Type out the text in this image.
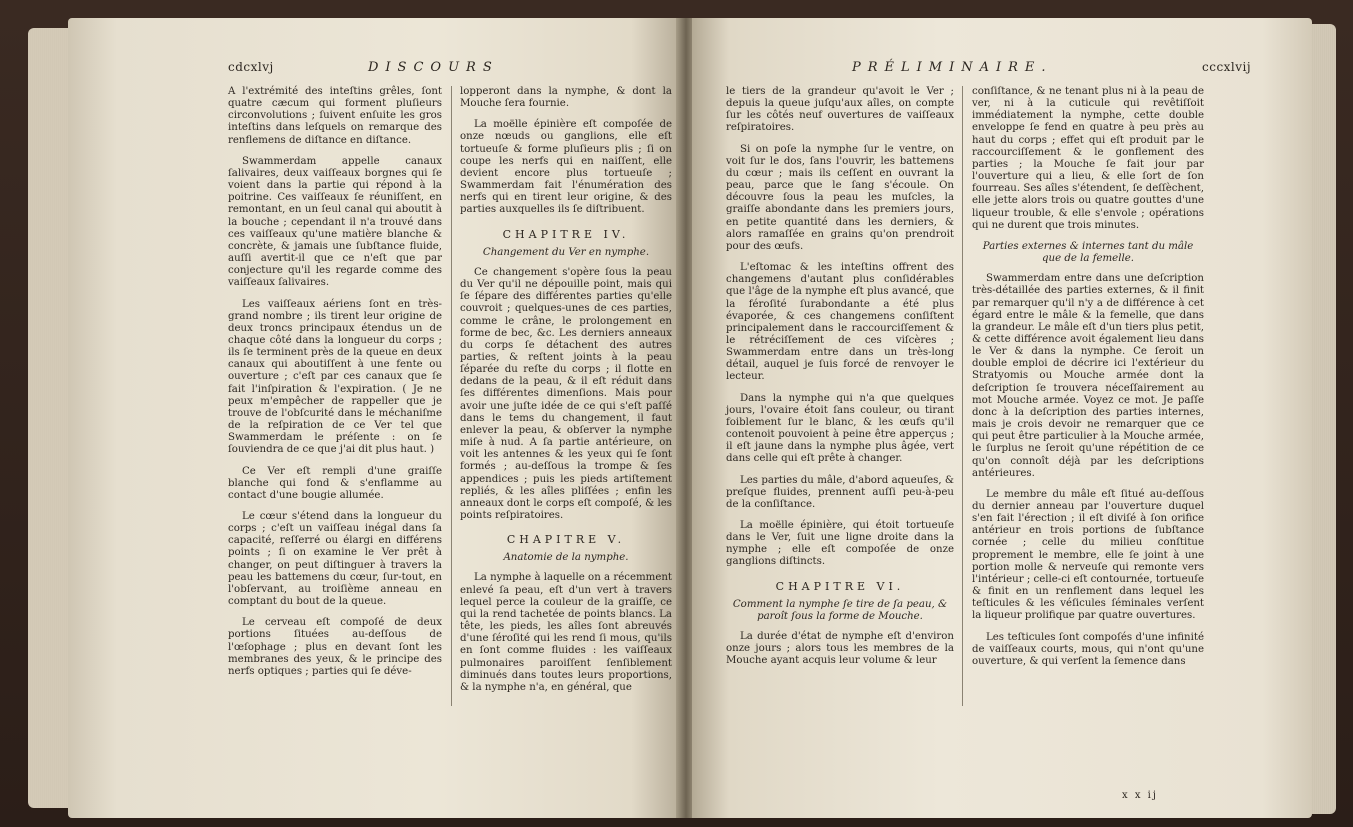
cdcxlvj	DISCOURS

A l'extrémité des inteſtins grêles, ſont quatre cæcum qui forment pluſieurs circonvolutions ; ſuivent enſuite les gros inteſtins dans leſquels on remarque des renflemens de diſtance en diſtance.

Swammerdam appelle canaux ſalivaires, deux vaiſſeaux borgnes qui ſe voient dans la partie qui répond à la poitrine. Ces vaiſſeaux ſe réuniſſent, en remontant, en un ſeul canal qui aboutit à la bouche ; cependant il n'a trouvé dans ces vaiſſeaux qu'une matière blanche & concrète, & jamais une ſubſtance fluide, auſſi avertit-il que ce n'eſt que par conjecture qu'il les regarde comme des vaiſſeaux ſalivaires.

Les vaiſſeaux aériens ſont en très-grand nombre ; ils tirent leur origine de deux troncs principaux étendus un de chaque côté dans la longueur du corps ; ils ſe terminent près de la queue en deux canaux qui aboutiſſent à une fente ou ouverture ; c'eſt par ces canaux que ſe fait l'inſpiration & l'expiration. ( Je ne peux m'empêcher de rappeller que je trouve de l'obſcurité dans le méchaniſme de la reſpiration de ce Ver tel que Swammerdam le préſente : on ſe ſouviendra de ce que j'ai dit plus haut. )

Ce Ver eſt rempli d'une graiſſe blanche qui fond & s'enflamme au contact d'une bougie allumée.

Le cœur s'étend dans la longueur du corps ; c'eſt un vaiſſeau inégal dans ſa capacité, reſſerré ou élargi en différens points ; ſi on examine le Ver prêt à changer, on peut diſtinguer à travers la peau les battemens du cœur, ſur-tout, en l'obſervant, au troiſième anneau en comptant du bout de la queue.

Le cerveau eſt compoſé de deux portions ſituées au-deſſous de l'œſophage ; plus en devant ſont les membranes des yeux, & le principe des nerfs optiques ; parties qui ſe déve-

lopperont dans la nymphe, & dont la Mouche ſera fournie.

La moëlle épinière eſt compoſée de onze nœuds ou ganglions, elle eſt tortueuſe & forme pluſieurs plis ; ſi on coupe les nerfs qui en naiſſent, elle devient encore plus tortueuſe ; Swammerdam fait l'énumération des nerfs qui en tirent leur origine, & des parties auxquelles ils ſe diſtribuent.

CHAPITRE IV.

Changement du Ver en nymphe.

Ce changement s'opère ſous la peau du Ver qu'il ne dépouille point, mais qui ſe ſépare des différentes parties qu'elle couvroit ; quelques-unes de ces parties, comme le crâne, le prolongement en forme de bec, &c. Les derniers anneaux du corps ſe détachent des autres parties, & reſtent joints à la peau ſéparée du reſte du corps ; il flotte en dedans de la peau, & il eſt réduit dans ſes différentes dimenſions. Mais pour avoir une juſte idée de ce qui s'eſt paſſé dans le tems du changement, il faut enlever la peau, & obſerver la nymphe miſe à nud. A ſa partie antérieure, on voit les antennes & les yeux qui ſe ſont formés ; au-deſſous la trompe & ſes appendices ; puis les pieds artiſtement repliés, & les aîles pliſſées ; enfin les anneaux dont le corps eſt compoſé, & les points reſpiratoires.

CHAPITRE V.

Anatomie de la nymphe.

La nymphe à laquelle on a récemment enlevé ſa peau, eſt d'un vert à travers lequel perce la couleur de la graiſſe, ce qui la rend tachetée de points blancs. La tête, les pieds, les aîles ſont abreuvés d'une ſéroſité qui les rend ſi mous, qu'ils en ſont comme fluides : les vaiſſeaux pulmonaires paroiſſent ſenſiblement diminués dans toutes leurs proportions, & la nymphe n'a, en général, que

PRÉLIMINAIRE.	cccxlvij

le tiers de la grandeur qu'avoit le Ver ; depuis la queue juſqu'aux aîles, on compte ſur les côtés neuf ouvertures de vaiſſeaux reſpiratoires.

Si on poſe la nymphe ſur le ventre, on voit ſur le dos, ſans l'ouvrir, les battemens du cœur ; mais ils ceſſent en ouvrant la peau, parce que le ſang s'écoule. On découvre ſous la peau les muſcles, la graiſſe abondante dans les premiers jours, en petite quantité dans les derniers, & alors ramaſſée en grains qu'on prendroit pour des œufs.

L'eſtomac & les inteſtins offrent des changemens d'autant plus conſidérables que l'âge de la nymphe eſt plus avancé, que la féroſité ſurabondante a été plus évaporée, & ces changemens conſiſtent principalement dans le raccourciſſement & le rétréciſſement de ces viſcères ; Swammerdam entre dans un très-long détail, auquel je ſuis forcé de renvoyer le lecteur.

Dans la nymphe qui n'a que quelques jours, l'ovaire étoit ſans couleur, ou tirant foiblement ſur le blanc, & les œufs qu'il contenoit pouvoient à peine être apperçus ; il eſt jaune dans la nymphe plus âgée, vert dans celle qui eſt prête à changer.

Les parties du mâle, d'abord aqueuſes, & preſque fluides, prennent auſſi peu-à-peu de la conſiſtance.

La moëlle épinière, qui étoit tortueuſe dans le Ver, ſuit une ligne droite dans la nymphe ; elle eſt compoſée de onze ganglions diſtincts.

CHAPITRE VI.

Comment la nymphe ſe tire de ſa peau, & paroît ſous la forme de Mouche.

La durée d'état de nymphe eſt d'environ onze jours ; alors tous les membres de la Mouche ayant acquis leur volume & leur

conſiſtance, & ne tenant plus ni à la peau de ver, ni à la cuticule qui revêtiſſoit immédiatement la nymphe, cette double enveloppe ſe fend en quatre à peu près au haut du corps ; effet qui eſt produit par le raccourciſſement & le gonflement des parties ; la Mouche ſe fait jour par l'ouverture qui a lieu, & elle ſort de ſon fourreau. Ses aîles s'étendent, ſe deſſèchent, elle jette alors trois ou quatre gouttes d'une liqueur trouble, & elle s'envole ; opérations qui ne durent que trois minutes.

Parties externes & internes tant du mâle que de la femelle.

Swammerdam entre dans une deſcription très-détaillée des parties externes, & il finit par remarquer qu'il n'y a de différence à cet égard entre le mâle & la femelle, que dans la grandeur. Le mâle eſt d'un tiers plus petit, & cette différence avoit également lieu dans le Ver & dans la nymphe. Ce ſeroit un double emploi de décrire ici l'extérieur du Stratyomis ou Mouche armée dont la deſcription ſe trouvera néceſſairement au mot Mouche armée. Voyez ce mot. Je paſſe donc à la deſcription des parties internes, mais je crois devoir ne remarquer que ce qui peut être particulier à la Mouche armée, le ſurplus ne ſeroit qu'une répétition de ce qu'on connoît déjà par les deſcriptions antérieures.

Le membre du mâle eſt ſitué au-deſſous du dernier anneau par l'ouverture duquel s'en fait l'érection ; il eſt diviſé à ſon orifice antérieur en trois portions de ſubſtance cornée ; celle du milieu conſtitue proprement le membre, elle ſe joint à une portion molle & nerveuſe qui remonte vers l'intérieur ; celle-ci eſt contournée, tortueuſe & finit en un renflement dans lequel les teſticules & les véſicules ſéminales verſent la liqueur prolifique par quatre ouvertures.

Les teſticules ſont compoſés d'une infinité de vaiſſeaux courts, mous, qui n'ont qu'une ouverture, & qui verſent la ſemence dans

x x ij
